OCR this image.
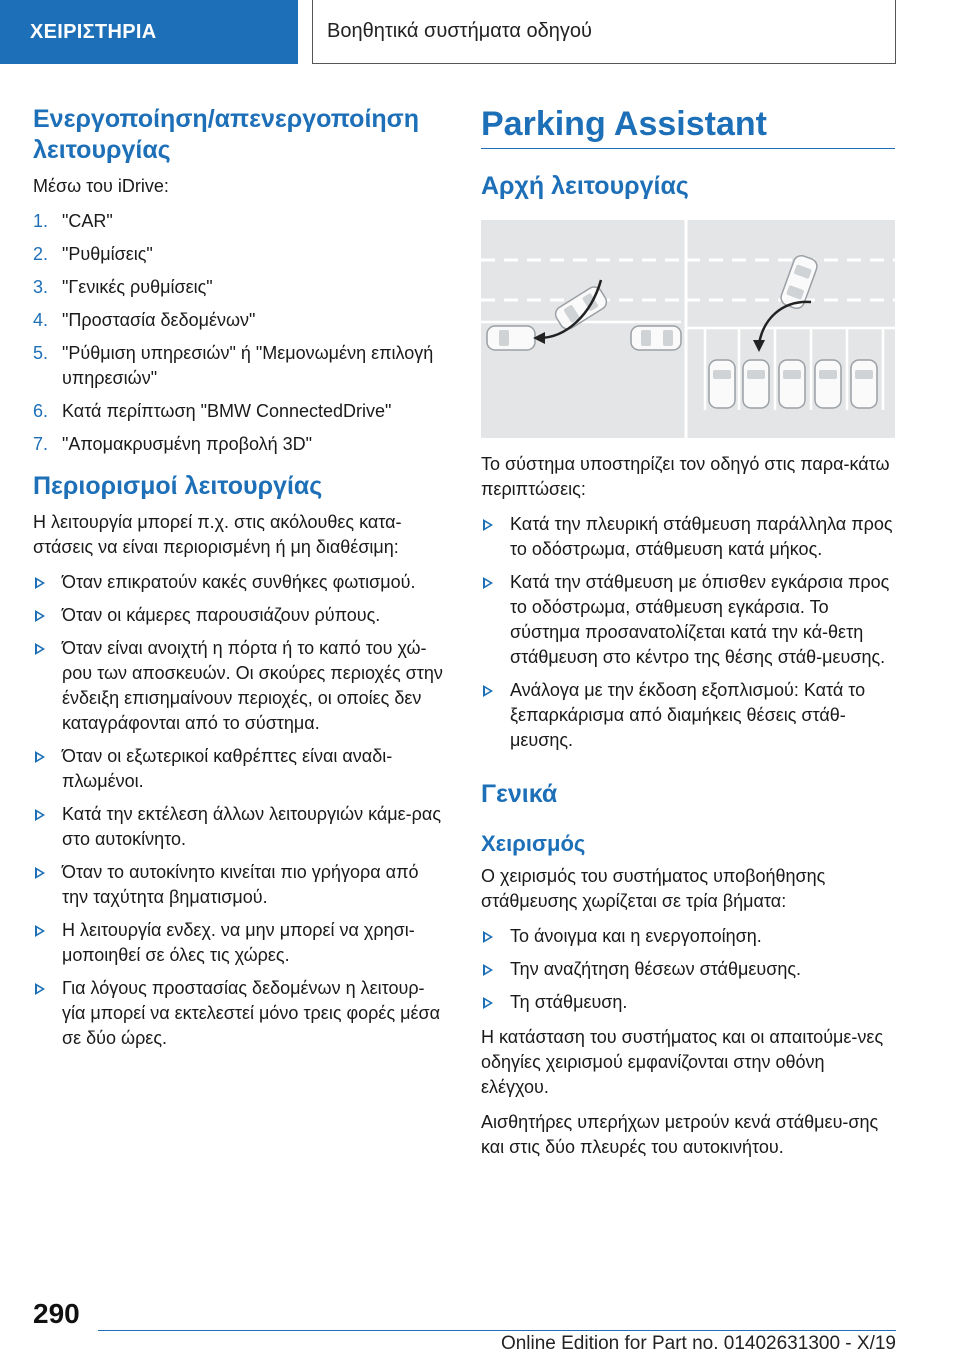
ΧΕΙΡΙΣΤΗΡΙΑ	Βοηθητικά συστήματα οδηγού
Ενεργοποίηση/απενεργοποίηση λειτουργίας

Μέσω του iDrive:

1. "CAR"
2. "Ρυθμίσεις"
3. "Γενικές ρυθμίσεις"
4. "Προστασία δεδομένων"
5. "Ρύθμιση υπηρεσιών" ή "Μεμονωμένη επιλογή υπηρεσιών"
6. Κατά περίπτωση "BMW ConnectedDrive"
7. "Απομακρυσμένη προβολή 3D"
Περιορισμοί λειτουργίας

Η λειτουργία μπορεί π.χ. στις ακόλουθες κατα-στάσεις να είναι περιορισμένη ή μη διαθέσιμη:

Όταν επικρατούν κακές συνθήκες φωτισμού.
Όταν οι κάμερες παρουσιάζουν ρύπους.
Όταν είναι ανοιχτή η πόρτα ή το καπό του χώ-ρου των αποσκευών. Οι σκούρες περιοχές στην ένδειξη επισημαίνουν περιοχές, οι οποίες δεν καταγράφονται από το σύστημα.
Όταν οι εξωτερικοί καθρέπτες είναι αναδι-πλωμένοι.
Κατά την εκτέλεση άλλων λειτουργιών κάμε-ρας στο αυτοκίνητο.
Όταν το αυτοκίνητο κινείται πιο γρήγορα από την ταχύτητα βηματισμού.
Η λειτουργία ενδεχ. να μην μπορεί να χρησι-μοποιηθεί σε όλες τις χώρες.
Για λόγους προστασίας δεδομένων η λειτουρ-γία μπορεί να εκτελεστεί μόνο τρεις φορές μέσα σε δύο ώρες.
Parking Assistant
Αρχή λειτουργίας

Το σύστημα υποστηρίζει τον οδηγό στις παρα-κάτω περιπτώσεις:

Κατά την πλευρική στάθμευση παράλληλα προς το οδόστρωμα, στάθμευση κατά μήκος.
Κατά την στάθμευση με όπισθεν εγκάρσια προς το οδόστρωμα, στάθμευση εγκάρσια. Το σύστημα προσανατολίζεται κατά την κά-θετη στάθμευση στο κέντρο της θέσης στάθ-μευσης.
Ανάλογα με την έκδοση εξοπλισμού: Κατά το ξεπαρκάρισμα από διαμήκεις θέσεις στάθ-μευσης.
Γενικά
Χειρισμός

Ο χειρισμός του συστήματος υποβοήθησης στάθμευσης χωρίζεται σε τρία βήματα:

Το άνοιγμα και η ενεργοποίηση.
Την αναζήτηση θέσεων στάθμευσης.
Τη στάθμευση.

Η κατάσταση του συστήματος και οι απαιτούμε-νες οδηγίες χειρισμού εμφανίζονται στην οθόνη ελέγχου.

Αισθητήρες υπερήχων μετρούν κενά στάθμευ-σης και στις δύο πλευρές του αυτοκινήτου.

290
Online Edition for Part no. 01402631300 - X/19
